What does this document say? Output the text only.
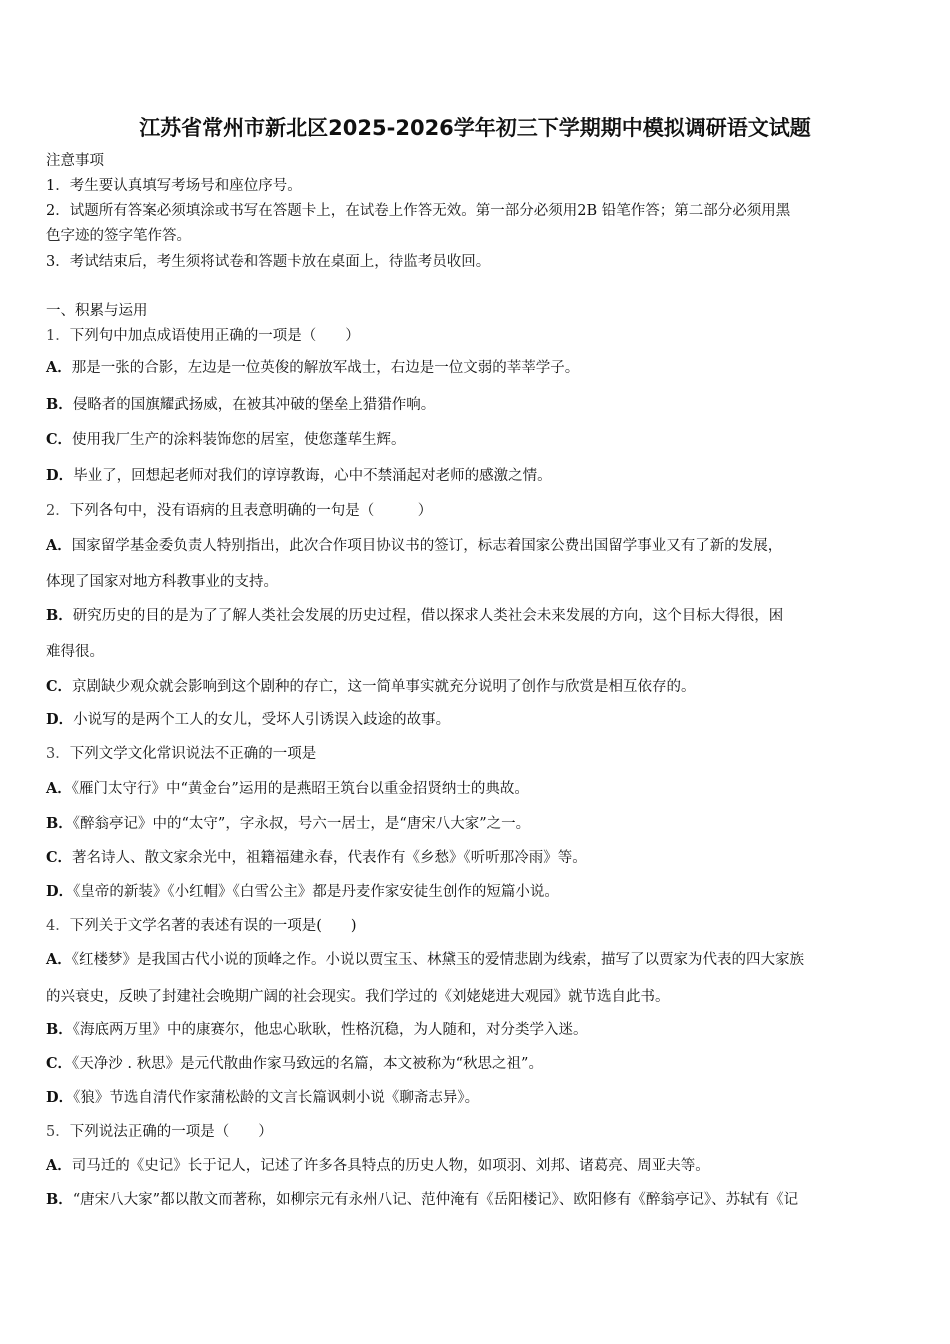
江苏省常州市新北区2025-2026学年初三下学期期中模拟调研语文试题
注意事项
1．考生要认真填写考场号和座位序号。
2．试题所有答案必须填涂或书写在答题卡上，在试卷上作答无效。第一部分必须用2B 铅笔作答；第二部分必须用黑
色字迹的签字笔作答。
3．考试结束后，考生须将试卷和答题卡放在桌面上，待监考员收回。
一、积累与运用
1．下列句中加点成语使用正确的一项是（　　）
A．那是一张的合影，左边是一位英俊的解放军战士，右边是一位文弱的莘莘学子。
B．侵略者的国旗耀武扬威，在被其冲破的堡垒上猎猎作响。
C．使用我厂生产的涂料装饰您的居室，使您蓬荜生辉。
D．毕业了，回想起老师对我们的谆谆教诲，心中不禁涌起对老师的感激之情。
2．下列各句中，没有语病的且表意明确的一句是（　　　）
A．国家留学基金委负责人特别指出，此次合作项目协议书的签订，标志着国家公费出国留学事业又有了新的发展，
体现了国家对地方科教事业的支持。
B．研究历史的目的是为了了解人类社会发展的历史过程，借以探求人类社会未来发展的方向，这个目标大得很，困
难得很。
C．京剧缺少观众就会影响到这个剧种的存亡，这一简单事实就充分说明了创作与欣赏是相互依存的。
D．小说写的是两个工人的女儿，受坏人引诱误入歧途的故事。
3．下列文学文化常识说法不正确的一项是
A．《雁门太守行》中“黄金台”运用的是燕昭王筑台以重金招贤纳士的典故。
B．《醉翁亭记》中的“太守”，字永叔，号六一居士，是“唐宋八大家”之一。
C．著名诗人、散文家余光中，祖籍福建永春，代表作有《乡愁》《听听那冷雨》等。
D．《皇帝的新装》《小红帽》《白雪公主》都是丹麦作家安徒生创作的短篇小说。
4．下列关于文学名著的表述有误的一项是(　　)
A．《红楼梦》是我国古代小说的顶峰之作。小说以贾宝玉、林黛玉的爱情悲剧为线索，描写了以贾家为代表的四大家族
的兴衰史，反映了封建社会晚期广阔的社会现实。我们学过的《刘姥姥进大观园》就节选自此书。
B．《海底两万里》中的康赛尔，他忠心耿耿，性格沉稳，为人随和，对分类学入迷。
C．《天净沙 . 秋思》是元代散曲作家马致远的名篇，本文被称为“秋思之祖”。
D．《狼》节选自清代作家蒲松龄的文言长篇讽刺小说《聊斋志异》。
5．下列说法正确的一项是（　　）
A．司马迁的《史记》长于记人，记述了许多各具特点的历史人物，如项羽、刘邦、诸葛亮、周亚夫等。
B．“唐宋八大家”都以散文而著称，如柳宗元有永州八记、范仲淹有《岳阳楼记》、欧阳修有《醉翁亭记》、苏轼有《记
